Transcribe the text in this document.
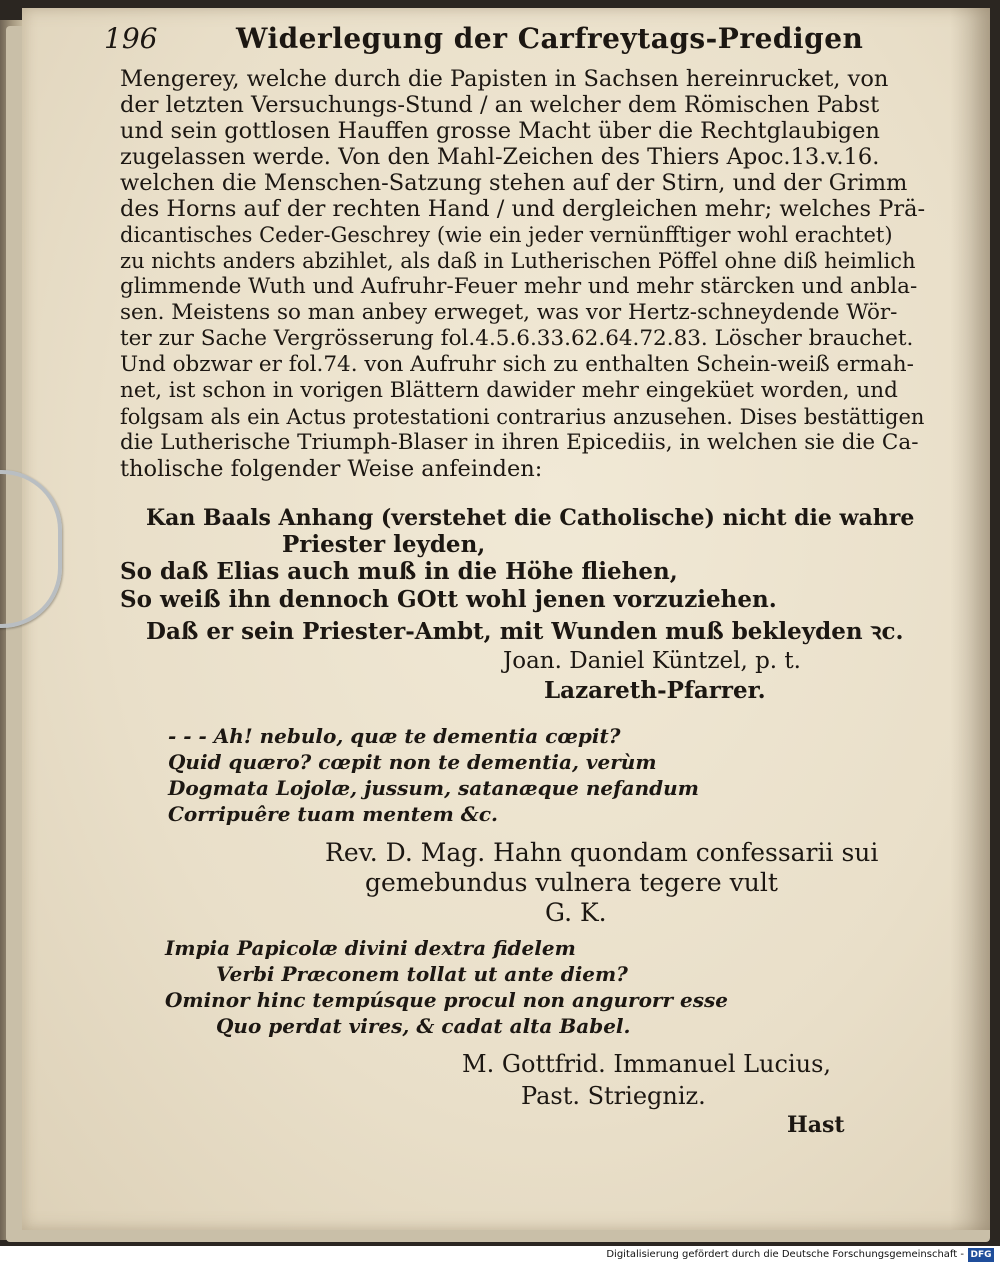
196	Widerlegung der Carfreytags-Predigen
Mengerey, welche durch die Papisten in Sachsen hereinrucket, von
der letzten Versuchungs-Stund / an welcher dem Römischen Pabst
und sein gottlosen Hauffen grosse Macht über die Rechtglaubigen
zugelassen werde. Von den Mahl-Zeichen des Thiers Apoc.13.v.16.
welchen die Menschen-Satzung stehen auf der Stirn, und der Grimm
des Horns auf der rechten Hand / und dergleichen mehr; welches Prä-
dicantisches Ceder-Geschrey (wie ein jeder vernünfftiger wohl erachtet)
zu nichts anders abzihlet, als daß in Lutherischen Pöffel ohne diß heimlich
glimmende Wuth und Aufruhr-Feuer mehr und mehr stärcken und anbla-
sen. Meistens so man anbey erweget, was vor Hertz-schneydende Wör-
ter zur Sache Vergrösserung fol.4.5.6.33.62.64.72.83. Löscher brauchet.
Und obzwar er fol.74. von Aufruhr sich zu enthalten Schein-weiß ermah-
net, ist schon in vorigen Blättern dawider mehr eingeküet worden, und
folgsam als ein Actus protestationi contrarius anzusehen. Dises bestättigen
die Lutherische Triumph-Blaser in ihren Epicediis, in welchen sie die Ca-
tholische folgender Weise anfeinden:
Kan Baals Anhang (verstehet die Catholische) nicht die wahre
Priester leyden,
So daß Elias auch muß in die Höhe fliehen,
So weiß ihn dennoch GOtt wohl jenen vorzuziehen.
Daß er sein Priester-Ambt, mit Wunden muß bekleyden ꝛc.
Joan. Daniel Küntzel, p. t.
Lazareth-Pfarrer.
- - - Ah! nebulo, quæ te dementia cœpit?
Quid quæro? cœpit non te dementia, verùm
Dogmata Lojolæ, jussum, satanæque nefandum
Corripuêre tuam mentem &c.
Rev. D. Mag. Hahn quondam confessarii sui
gemebundus vulnera tegere vult
G. K.
Impia Papicolæ divini dextra fidelem
Verbi Præconem tollat ut ante diem?
Ominor hinc tempúsque procul non angurorr esse
Quo perdat vires, & cadat alta Babel.
M. Gottfrid. Immanuel Lucius,
Past. Striegniz.
Hast
Digitalisierung gefördert durch die Deutsche Forschungsgemeinschaft - DFG
